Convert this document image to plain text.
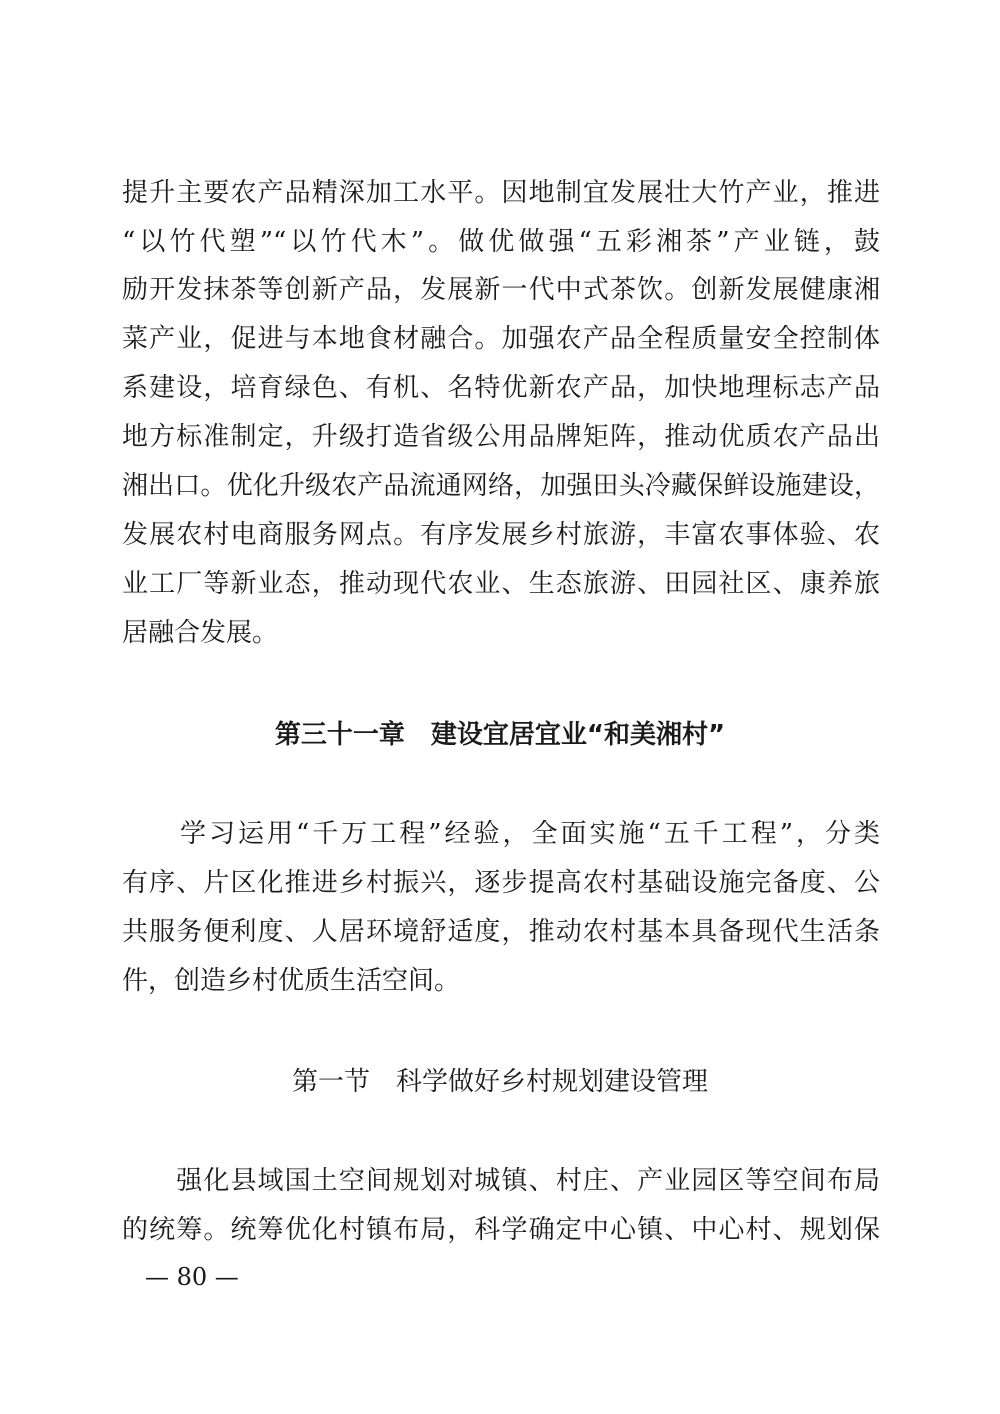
提升主要农产品精深加工水平。因地制宜发展壮大竹产业，推进
“以竹代塑”“以竹代木”。做优做强“五彩湘茶”产业链，鼓
励开发抹茶等创新产品，发展新一代中式茶饮。创新发展健康湘
菜产业，促进与本地食材融合。加强农产品全程质量安全控制体
系建设，培育绿色、有机、名特优新农产品，加快地理标志产品
地方标准制定，升级打造省级公用品牌矩阵，推动优质农产品出
湘出口。优化升级农产品流通网络，加强田头冷藏保鲜设施建设，
发展农村电商服务网点。有序发展乡村旅游，丰富农事体验、农
业工厂等新业态，推动现代农业、生态旅游、田园社区、康养旅
居融合发展。
第三十一章　建设宜居宜业“和美湘村”
　　学习运用“千万工程”经验，全面实施“五千工程”，分类
有序、片区化推进乡村振兴，逐步提高农村基础设施完备度、公
共服务便利度、人居环境舒适度，推动农村基本具备现代生活条
件，创造乡村优质生活空间。
第一节　科学做好乡村规划建设管理
　　强化县域国土空间规划对城镇、村庄、产业园区等空间布局
的统筹。统筹优化村镇布局，科学确定中心镇、中心村、规划保
— 80 —
